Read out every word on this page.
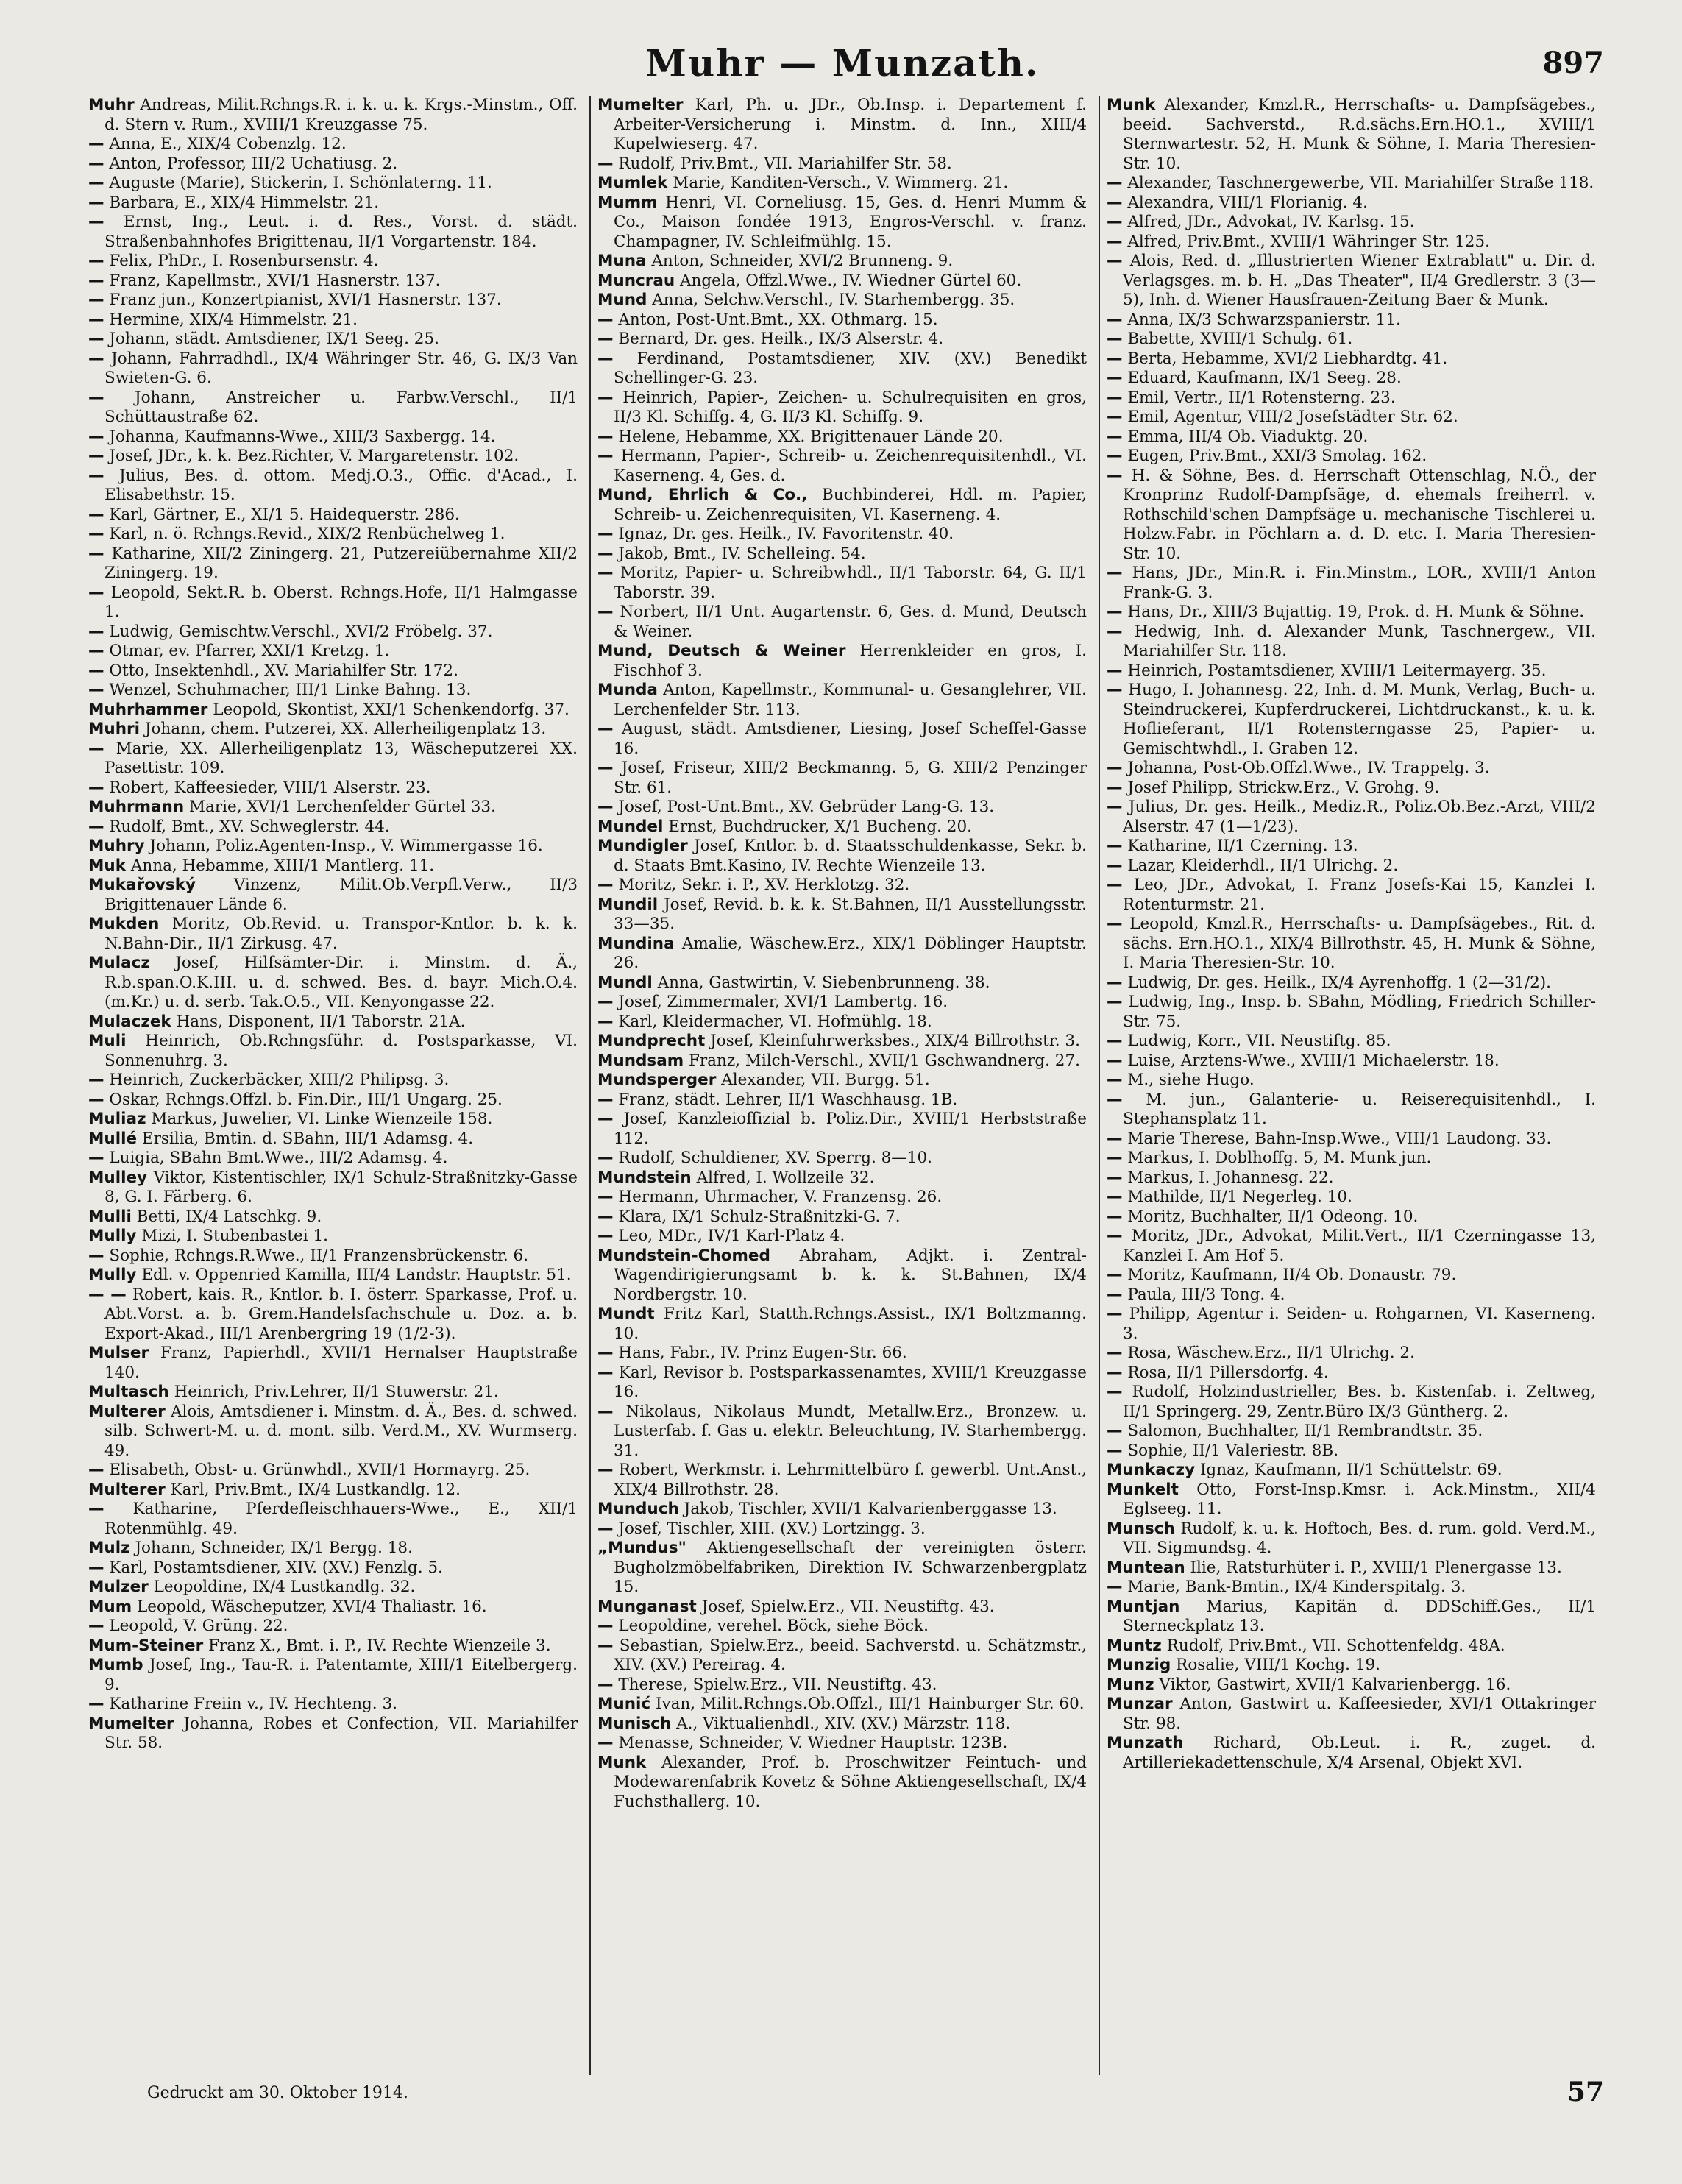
Muhr — Munzath.	897

Muhr Andreas, Milit.Rchngs.R. i. k. u. k. Krgs.-Minstm., Off. d. Stern v. Rum., XVIII/1 Kreuzgasse 75.

— Anna, E., XIX/4 Cobenzlg. 12.

— Anton, Professor, III/2 Uchatiusg. 2.

— Auguste (Marie), Stickerin, I. Schönlaterng. 11.

— Barbara, E., XIX/4 Himmelstr. 21.

— Ernst, Ing., Leut. i. d. Res., Vorst. d. städt. Straßenbahnhofes Brigittenau, II/1 Vorgartenstr. 184.

— Felix, PhDr., I. Rosenbursenstr. 4.

— Franz, Kapellmstr., XVI/1 Hasnerstr. 137.

— Franz jun., Konzertpianist, XVI/1 Hasnerstr. 137.

— Hermine, XIX/4 Himmelstr. 21.

— Johann, städt. Amtsdiener, IX/1 Seeg. 25.

— Johann, Fahrradhdl., IX/4 Währinger Str. 46, G. IX/3 Van Swieten-G. 6.

— Johann, Anstreicher u. Farbw.Verschl., II/1 Schüttaustraße 62.

— Johanna, Kaufmanns-Wwe., XIII/3 Saxbergg. 14.

— Josef, JDr., k. k. Bez.Richter, V. Margaretenstr. 102.

— Julius, Bes. d. ottom. Medj.O.3., Offic. d'Acad., I. Elisabethstr. 15.

— Karl, Gärtner, E., XI/1 5. Haidequerstr. 286.

— Karl, n. ö. Rchngs.Revid., XIX/2 Renbüchelweg 1.

— Katharine, XII/2 Ziningerg. 21, Putzereiübernahme XII/2 Ziningerg. 19.

— Leopold, Sekt.R. b. Oberst. Rchngs.Hofe, II/1 Halmgasse 1.

— Ludwig, Gemischtw.Verschl., XVI/2 Fröbelg. 37.

— Otmar, ev. Pfarrer, XXI/1 Kretzg. 1.

— Otto, Insektenhdl., XV. Mariahilfer Str. 172.

— Wenzel, Schuhmacher, III/1 Linke Bahng. 13.

Muhrhammer Leopold, Skontist, XXI/1 Schenkendorfg. 37.

Muhri Johann, chem. Putzerei, XX. Allerheiligenplatz 13.

— Marie, XX. Allerheiligenplatz 13, Wäscheputzerei XX. Pasettistr. 109.

— Robert, Kaffeesieder, VIII/1 Alserstr. 23.

Muhrmann Marie, XVI/1 Lerchenfelder Gürtel 33.

— Rudolf, Bmt., XV. Schweglerstr. 44.

Muhry Johann, Poliz.Agenten-Insp., V. Wimmergasse 16.

Muk Anna, Hebamme, XIII/1 Mantlerg. 11.

Mukařovský Vinzenz, Milit.Ob.Verpfl.Verw., II/3 Brigittenauer Lände 6.

Mukden Moritz, Ob.Revid. u. Transpor-Kntlor. b. k. k. N.Bahn-Dir., II/1 Zirkusg. 47.

Mulacz Josef, Hilfsämter-Dir. i. Minstm. d. Ä., R.b.span.O.K.III. u. d. schwed. Bes. d. bayr. Mich.O.4.(m.Kr.) u. d. serb. Tak.O.5., VII. Kenyongasse 22.

Mulaczek Hans, Disponent, II/1 Taborstr. 21A.

Muli Heinrich, Ob.Rchngsführ. d. Postsparkasse, VI. Sonnenuhrg. 3.

— Heinrich, Zuckerbäcker, XIII/2 Philipsg. 3.

— Oskar, Rchngs.Offzl. b. Fin.Dir., III/1 Ungarg. 25.

Muliaz Markus, Juwelier, VI. Linke Wienzeile 158.

Mullé Ersilia, Bmtin. d. SBahn, III/1 Adamsg. 4.

— Luigia, SBahn Bmt.Wwe., III/2 Adamsg. 4.

Mulley Viktor, Kistentischler, IX/1 Schulz-Straßnitzky-Gasse 8, G. I. Färberg. 6.

Mulli Betti, IX/4 Latschkg. 9.

Mully Mizi, I. Stubenbastei 1.

— Sophie, Rchngs.R.Wwe., II/1 Franzensbrückenstr. 6.

Mully Edl. v. Oppenried Kamilla, III/4 Landstr. Hauptstr. 51.

— — Robert, kais. R., Kntlor. b. I. österr. Sparkasse, Prof. u. Abt.Vorst. a. b. Grem.Handelsfachschule u. Doz. a. b. Export-Akad., III/1 Arenbergring 19 (1/2-3).

Mulser Franz, Papierhdl., XVII/1 Hernalser Hauptstraße 140.

Multasch Heinrich, Priv.Lehrer, II/1 Stuwerstr. 21.

Multerer Alois, Amtsdiener i. Minstm. d. Ä., Bes. d. schwed. silb. Schwert-M. u. d. mont. silb. Verd.M., XV. Wurmserg. 49.

— Elisabeth, Obst- u. Grünwhdl., XVII/1 Hormayrg. 25.

Multerer Karl, Priv.Bmt., IX/4 Lustkandlg. 12.

— Katharine, Pferdefleischhauers-Wwe., E., XII/1 Rotenmühlg. 49.

Mulz Johann, Schneider, IX/1 Bergg. 18.

— Karl, Postamtsdiener, XIV. (XV.) Fenzlg. 5.

Mulzer Leopoldine, IX/4 Lustkandlg. 32.

Mum Leopold, Wäscheputzer, XVI/4 Thaliastr. 16.

— Leopold, V. Grüng. 22.

Mum-Steiner Franz X., Bmt. i. P., IV. Rechte Wienzeile 3.

Mumb Josef, Ing., Tau-R. i. Patentamte, XIII/1 Eitelbergerg. 9.

— Katharine Freiin v., IV. Hechteng. 3.

Mumelter Johanna, Robes et Confection, VII. Mariahilfer Str. 58.

Mumelter Karl, Ph. u. JDr., Ob.Insp. i. Departement f. Arbeiter-Versicherung i. Minstm. d. Inn., XIII/4 Kupelwieserg. 47.

— Rudolf, Priv.Bmt., VII. Mariahilfer Str. 58.

Mumlek Marie, Kanditen-Versch., V. Wimmerg. 21.

Mumm Henri, VI. Corneliusg. 15, Ges. d. Henri Mumm & Co., Maison fondée 1913, Engros-Verschl. v. franz. Champagner, IV. Schleifmühlg. 15.

Muna Anton, Schneider, XVI/2 Brunneng. 9.

Muncrau Angela, Offzl.Wwe., IV. Wiedner Gürtel 60.

Mund Anna, Selchw.Verschl., IV. Starhembergg. 35.

— Anton, Post-Unt.Bmt., XX. Othmarg. 15.

— Bernard, Dr. ges. Heilk., IX/3 Alserstr. 4.

— Ferdinand, Postamtsdiener, XIV. (XV.) Benedikt Schellinger-G. 23.

— Heinrich, Papier-, Zeichen- u. Schulrequisiten en gros, II/3 Kl. Schiffg. 4, G. II/3 Kl. Schiffg. 9.

— Helene, Hebamme, XX. Brigittenauer Lände 20.

— Hermann, Papier-, Schreib- u. Zeichenrequisitenhdl., VI. Kaserneng. 4, Ges. d.

Mund, Ehrlich & Co., Buchbinderei, Hdl. m. Papier, Schreib- u. Zeichenrequisiten, VI. Kaserneng. 4.

— Ignaz, Dr. ges. Heilk., IV. Favoritenstr. 40.

— Jakob, Bmt., IV. Schelleing. 54.

— Moritz, Papier- u. Schreibwhdl., II/1 Taborstr. 64, G. II/1 Taborstr. 39.

— Norbert, II/1 Unt. Augartenstr. 6, Ges. d. Mund, Deutsch & Weiner.

Mund, Deutsch & Weiner Herrenkleider en gros, I. Fischhof 3.

Munda Anton, Kapellmstr., Kommunal- u. Gesanglehrer, VII. Lerchenfelder Str. 113.

— August, städt. Amtsdiener, Liesing, Josef Scheffel-Gasse 16.

— Josef, Friseur, XIII/2 Beckmanng. 5, G. XIII/2 Penzinger Str. 61.

— Josef, Post-Unt.Bmt., XV. Gebrüder Lang-G. 13.

Mundel Ernst, Buchdrucker, X/1 Bucheng. 20.

Mundigler Josef, Kntlor. b. d. Staatsschuldenkasse, Sekr. b. d. Staats Bmt.Kasino, IV. Rechte Wienzeile 13.

— Moritz, Sekr. i. P., XV. Herklotzg. 32.

Mundil Josef, Revid. b. k. k. St.Bahnen, II/1 Ausstellungsstr. 33—35.

Mundina Amalie, Wäschew.Erz., XIX/1 Döblinger Hauptstr. 26.

Mundl Anna, Gastwirtin, V. Siebenbrunneng. 38.

— Josef, Zimmermaler, XVI/1 Lambertg. 16.

— Karl, Kleidermacher, VI. Hofmühlg. 18.

Mundprecht Josef, Kleinfuhrwerksbes., XIX/4 Billrothstr. 3.

Mundsam Franz, Milch-Verschl., XVII/1 Gschwandnerg. 27.

Mundsperger Alexander, VII. Burgg. 51.

— Franz, städt. Lehrer, II/1 Waschhausg. 1B.

— Josef, Kanzleioffizial b. Poliz.Dir., XVIII/1 Herbststraße 112.

— Rudolf, Schuldiener, XV. Sperrg. 8—10.

Mundstein Alfred, I. Wollzeile 32.

— Hermann, Uhrmacher, V. Franzensg. 26.

— Klara, IX/1 Schulz-Straßnitzki-G. 7.

— Leo, MDr., IV/1 Karl-Platz 4.

Mundstein-Chomed Abraham, Adjkt. i. Zentral-Wagendirigierungsamt b. k. k. St.Bahnen, IX/4 Nordbergstr. 10.

Mundt Fritz Karl, Statth.Rchngs.Assist., IX/1 Boltzmanng. 10.

— Hans, Fabr., IV. Prinz Eugen-Str. 66.

— Karl, Revisor b. Postsparkassenamtes, XVIII/1 Kreuzgasse 16.

— Nikolaus, Nikolaus Mundt, Metallw.Erz., Bronzew. u. Lusterfab. f. Gas u. elektr. Beleuchtung, IV. Starhembergg. 31.

— Robert, Werkmstr. i. Lehrmittelbüro f. gewerbl. Unt.Anst., XIX/4 Billrothstr. 28.

Munduch Jakob, Tischler, XVII/1 Kalvarienberggasse 13.

— Josef, Tischler, XIII. (XV.) Lortzingg. 3.

„Mundus" Aktiengesellschaft der vereinigten österr. Bugholzmöbelfabriken, Direktion IV. Schwarzenbergplatz 15.

Munganast Josef, Spielw.Erz., VII. Neustiftg. 43.

— Leopoldine, verehel. Böck, siehe Böck.

— Sebastian, Spielw.Erz., beeid. Sachverstd. u. Schätzmstr., XIV. (XV.) Pereirag. 4.

— Therese, Spielw.Erz., VII. Neustiftg. 43.

Munić Ivan, Milit.Rchngs.Ob.Offzl., III/1 Hainburger Str. 60.

Munisch A., Viktualienhdl., XIV. (XV.) Märzstr. 118.

— Menasse, Schneider, V. Wiedner Hauptstr. 123B.

Munk Alexander, Prof. b. Proschwitzer Feintuch- und Modewarenfabrik Kovetz & Söhne Aktiengesellschaft, IX/4 Fuchsthallerg. 10.

Munk Alexander, Kmzl.R., Herrschafts- u. Dampfsägebes., beeid. Sachverstd., R.d.sächs.Ern.HO.1., XVIII/1 Sternwartestr. 52, H. Munk & Söhne, I. Maria Theresien-Str. 10.

— Alexander, Taschnergewerbe, VII. Mariahilfer Straße 118.

— Alexandra, VIII/1 Florianig. 4.

— Alfred, JDr., Advokat, IV. Karlsg. 15.

— Alfred, Priv.Bmt., XVIII/1 Währinger Str. 125.

— Alois, Red. d. „Illustrierten Wiener Extrablatt" u. Dir. d. Verlagsges. m. b. H. „Das Theater", II/4 Gredlerstr. 3 (3—5), Inh. d. Wiener Hausfrauen-Zeitung Baer & Munk.

— Anna, IX/3 Schwarzspanierstr. 11.

— Babette, XVIII/1 Schulg. 61.

— Berta, Hebamme, XVI/2 Liebhardtg. 41.

— Eduard, Kaufmann, IX/1 Seeg. 28.

— Emil, Vertr., II/1 Rotensterng. 23.

— Emil, Agentur, VIII/2 Josefstädter Str. 62.

— Emma, III/4 Ob. Viaduktg. 20.

— Eugen, Priv.Bmt., XXI/3 Smolag. 162.

— H. & Söhne, Bes. d. Herrschaft Ottenschlag, N.Ö., der Kronprinz Rudolf-Dampfsäge, d. ehemals freiherrl. v. Rothschild'schen Dampfsäge u. mechanische Tischlerei u. Holzw.Fabr. in Pöchlarn a. d. D. etc. I. Maria Theresien-Str. 10.

— Hans, JDr., Min.R. i. Fin.Minstm., LOR., XVIII/1 Anton Frank-G. 3.

— Hans, Dr., XIII/3 Bujattig. 19, Prok. d. H. Munk & Söhne.

— Hedwig, Inh. d. Alexander Munk, Taschnergew., VII. Mariahilfer Str. 118.

— Heinrich, Postamtsdiener, XVIII/1 Leitermayerg. 35.

— Hugo, I. Johannesg. 22, Inh. d. M. Munk, Verlag, Buch- u. Steindruckerei, Kupferdruckerei, Lichtdruckanst., k. u. k. Hoflieferant, II/1 Rotensterngasse 25, Papier- u. Gemischtwhdl., I. Graben 12.

— Johanna, Post-Ob.Offzl.Wwe., IV. Trappelg. 3.

— Josef Philipp, Strickw.Erz., V. Grohg. 9.

— Julius, Dr. ges. Heilk., Mediz.R., Poliz.Ob.Bez.-Arzt, VIII/2 Alserstr. 47 (1—1/23).

— Katharine, II/1 Czerning. 13.

— Lazar, Kleiderhdl., II/1 Ulrichg. 2.

— Leo, JDr., Advokat, I. Franz Josefs-Kai 15, Kanzlei I. Rotenturmstr. 21.

— Leopold, Kmzl.R., Herrschafts- u. Dampfsägebes., Rit. d. sächs. Ern.HO.1., XIX/4 Billrothstr. 45, H. Munk & Söhne, I. Maria Theresien-Str. 10.

— Ludwig, Dr. ges. Heilk., IX/4 Ayrenhoffg. 1 (2—31/2).

— Ludwig, Ing., Insp. b. SBahn, Mödling, Friedrich Schiller-Str. 75.

— Ludwig, Korr., VII. Neustiftg. 85.

— Luise, Arztens-Wwe., XVIII/1 Michaelerstr. 18.

— M., siehe Hugo.

— M. jun., Galanterie- u. Reiserequisitenhdl., I. Stephansplatz 11.

— Marie Therese, Bahn-Insp.Wwe., VIII/1 Laudong. 33.

— Markus, I. Doblhoffg. 5, M. Munk jun.

— Markus, I. Johannesg. 22.

— Mathilde, II/1 Negerleg. 10.

— Moritz, Buchhalter, II/1 Odeong. 10.

— Moritz, JDr., Advokat, Milit.Vert., II/1 Czerningasse 13, Kanzlei I. Am Hof 5.

— Moritz, Kaufmann, II/4 Ob. Donaustr. 79.

— Paula, III/3 Tong. 4.

— Philipp, Agentur i. Seiden- u. Rohgarnen, VI. Kaserneng. 3.

— Rosa, Wäschew.Erz., II/1 Ulrichg. 2.

— Rosa, II/1 Pillersdorfg. 4.

— Rudolf, Holzindustrieller, Bes. b. Kistenfab. i. Zeltweg, II/1 Springerg. 29, Zentr.Büro IX/3 Güntherg. 2.

— Salomon, Buchhalter, II/1 Rembrandtstr. 35.

— Sophie, II/1 Valeriestr. 8B.

Munkaczy Ignaz, Kaufmann, II/1 Schüttelstr. 69.

Munkelt Otto, Forst-Insp.Kmsr. i. Ack.Minstm., XII/4 Eglseeg. 11.

Munsch Rudolf, k. u. k. Hoftoch, Bes. d. rum. gold. Verd.M., VII. Sigmundsg. 4.

Muntean Ilie, Ratsturhüter i. P., XVIII/1 Plenergasse 13.

— Marie, Bank-Bmtin., IX/4 Kinderspitalg. 3.

Muntjan Marius, Kapitän d. DDSchiff.Ges., II/1 Sterneckplatz 13.

Muntz Rudolf, Priv.Bmt., VII. Schottenfeldg. 48A.

Munzig Rosalie, VIII/1 Kochg. 19.

Munz Viktor, Gastwirt, XVII/1 Kalvarienbergg. 16.

Munzar Anton, Gastwirt u. Kaffeesieder, XVI/1 Ottakringer Str. 98.

Munzath Richard, Ob.Leut. i. R., zuget. d. Artilleriekadettenschule, X/4 Arsenal, Objekt XVI.

Gedruckt am 30. Oktober 1914.	57
